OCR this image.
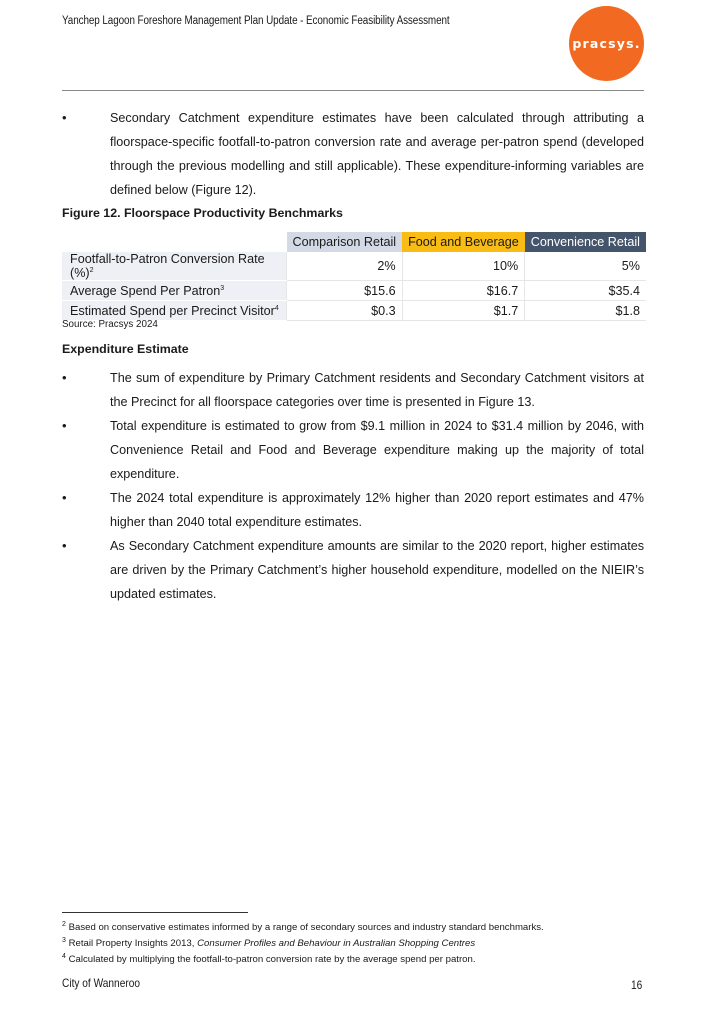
Yanchep Lagoon Foreshore Management Plan Update - Economic Feasibility Assessment
pracsys.
•	Secondary Catchment expenditure estimates have been calculated through attributing a floorspace-specific footfall-to-patron conversion rate and average per-patron spend (developed through the previous modelling and still applicable). These expenditure-informing variables are defined below (Figure 12).
Figure 12. Floorspace Productivity Benchmarks
	Comparison Retail	Food and Beverage	Convenience Retail
Footfall-to-Patron Conversion Rate (%)$^2$	2%	10%	5%
Average Spend Per Patron$^3$	$15.6	$16.7	$35.4
Estimated Spend per Precinct Visitor$^4$	$0.3	$1.7	$1.8
Source: Pracsys 2024
Expenditure Estimate
•	The sum of expenditure by Primary Catchment residents and Secondary Catchment visitors at the Precinct for all floorspace categories over time is presented in Figure 13.
•	Total expenditure is estimated to grow from $9.1 million in 2024 to $31.4 million by 2046, with Convenience Retail and Food and Beverage expenditure making up the majority of total expenditure.
•	The 2024 total expenditure is approximately 12% higher than 2020 report estimates and 47% higher than 2040 total expenditure estimates.
•	As Secondary Catchment expenditure amounts are similar to the 2020 report, higher estimates are driven by the Primary Catchment’s higher household expenditure, modelled on the NIEIR’s updated estimates.
$^2$ Based on conservative estimates informed by a range of secondary sources and industry standard benchmarks.
$^3$ Retail Property Insights 2013, Consumer Profiles and Behaviour in Australian Shopping Centres
$^4$ Calculated by multiplying the footfall-to-patron conversion rate by the average spend per patron.
City of Wanneroo	16
